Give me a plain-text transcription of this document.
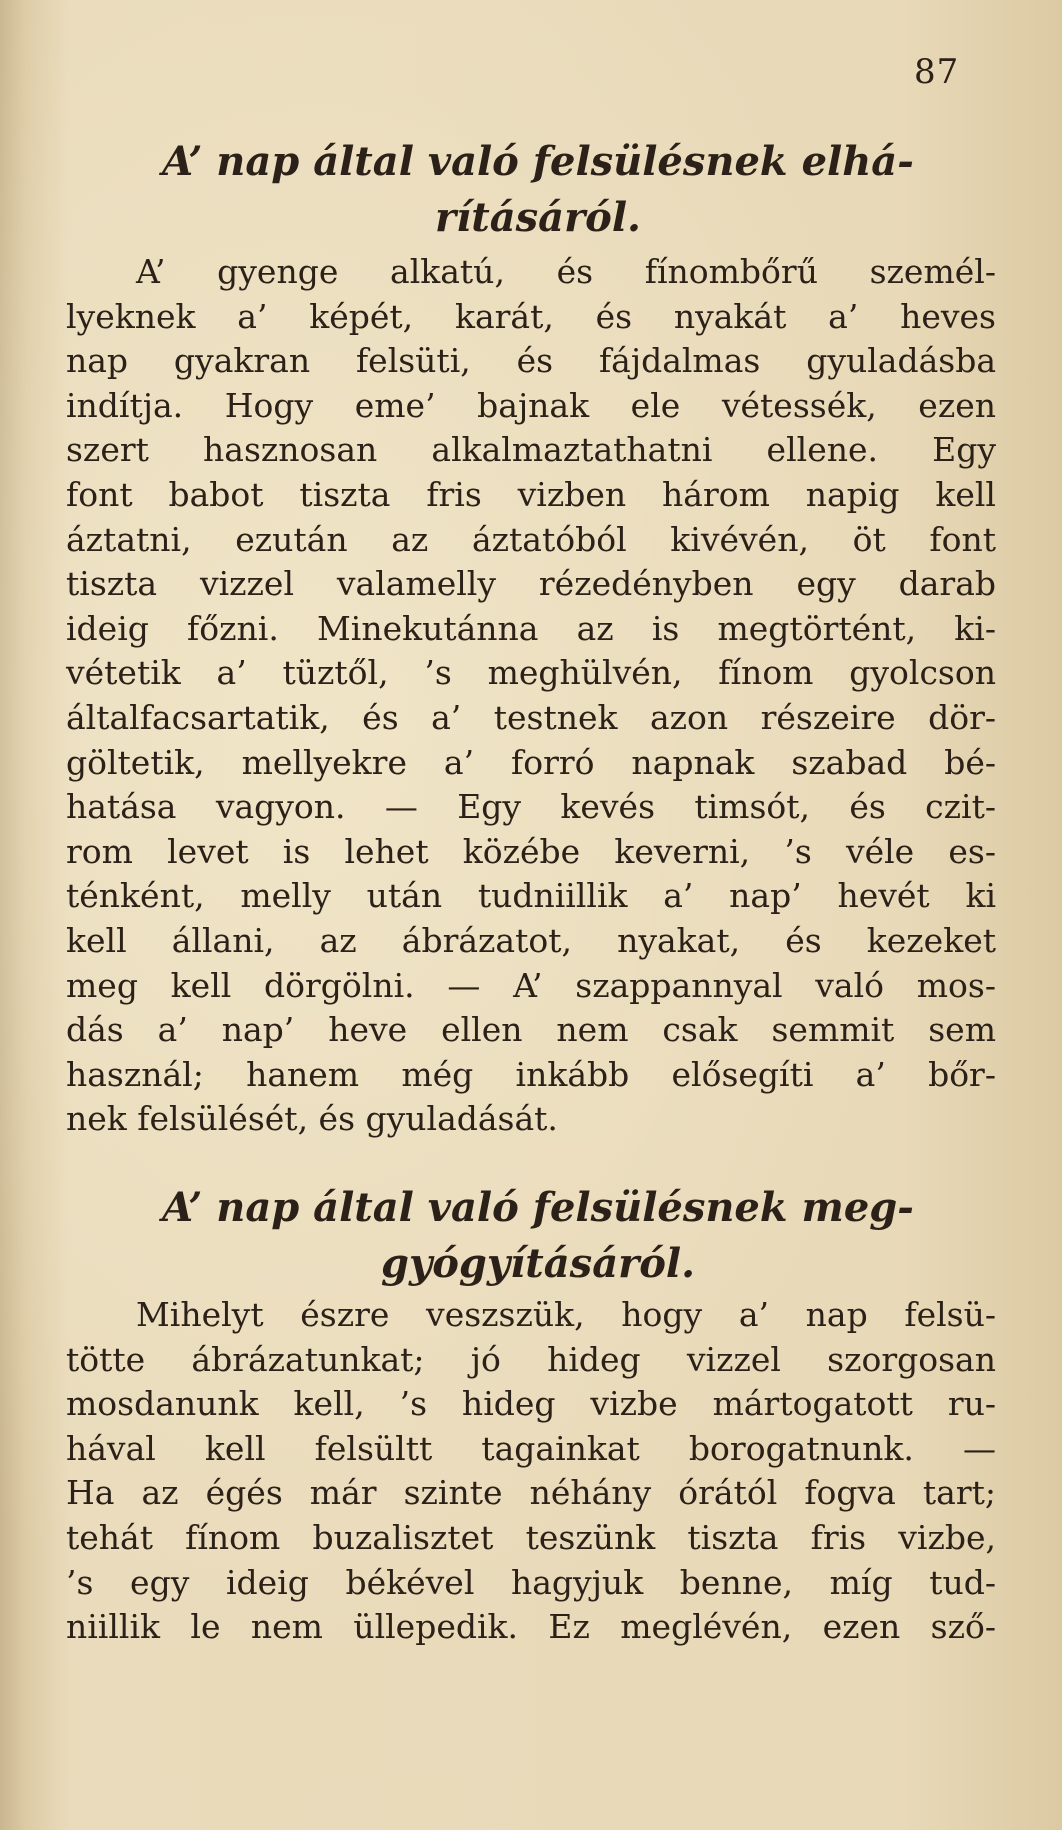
87
A’ nap által való felsülésnek elhá-
rításáról.
A’ gyenge alkatú, és fínombőrű személ-
lyeknek a’ képét, karát, és nyakát a’ heves
nap gyakran felsüti, és fájdalmas gyuladásba
indítja. Hogy eme’ bajnak ele vétessék, ezen
szert hasznosan alkalmaztathatni ellene. Egy
font babot tiszta fris vizben három napig kell
áztatni, ezután az áztatóból kivévén, öt font
tiszta vizzel valamelly rézedényben egy darab
ideig főzni. Minekutánna az is megtörtént, ki-
vétetik a’ tüztől, ’s meghülvén, fínom gyolcson
általfacsartatik, és a’ testnek azon részeire dör-
göltetik, mellyekre a’ forró napnak szabad bé-
hatása vagyon. — Egy kevés timsót, és czit-
rom levet is lehet közébe keverni, ’s véle es-
ténként, melly után tudniillik a’ nap’ hevét ki
kell állani, az ábrázatot, nyakat, és kezeket
meg kell dörgölni. — A’ szappannyal való mos-
dás a’ nap’ heve ellen nem csak semmit sem
használ; hanem még inkább elősegíti a’ bőr-
nek felsülését, és gyuladását.
A’ nap által való felsülésnek meg-
gyógyításáról.
Mihelyt észre veszszük, hogy a’ nap felsü-
tötte ábrázatunkat; jó hideg vizzel szorgosan
mosdanunk kell, ’s hideg vizbe mártogatott ru-
hával kell felsültt tagainkat borogatnunk. —
Ha az égés már szinte néhány órától fogva tart;
tehát fínom buzalisztet teszünk tiszta fris vizbe,
’s egy ideig békével hagyjuk benne, míg tud-
niillik le nem üllepedik. Ez meglévén, ezen sző-
